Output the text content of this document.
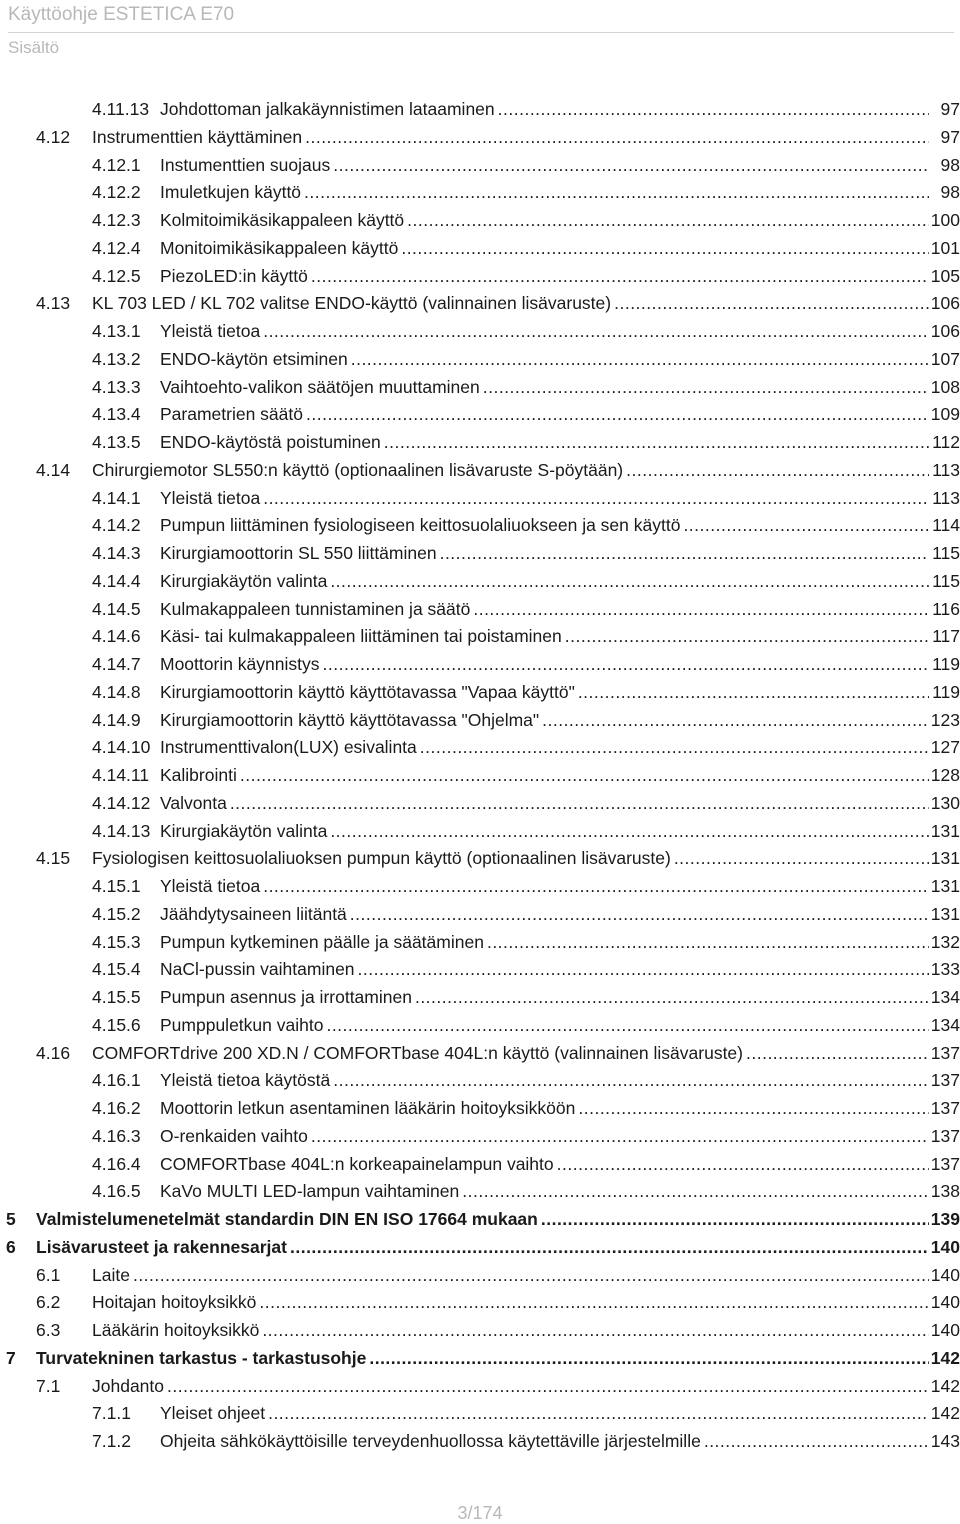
Käyttöohje ESTETICA E70
Sisältö
4.11.13 Johdottoman jalkakäynnistimen lataaminen .....	97
4.12 Instrumenttien käyttäminen .....	97
4.12.1 Instumenttien suojaus .....	98
4.12.2 Imuletkujen käyttö .....	98
4.12.3 Kolmitoimikäsikappaleen käyttö .....	100
4.12.4 Monitoimikäsikappaleen käyttö .....	101
4.12.5 PiezoLED:in käyttö .....	105
4.13 KL 703 LED / KL 702 valitse ENDO-käyttö (valinnainen lisävaruste) .....	106
4.13.1 Yleistä tietoa .....	106
4.13.2 ENDO-käytön etsiminen .....	107
4.13.3 Vaihtoehto-valikon säätöjen muuttaminen .....	108
4.13.4 Parametrien säätö .....	109
4.13.5 ENDO-käytöstä poistuminen .....	112
4.14 Chirurgiemotor SL550:n käyttö (optionaalinen lisävaruste S-pöytään) .....	113
4.14.1 Yleistä tietoa .....	113
4.14.2 Pumpun liittäminen fysiologiseen keittosuolaliuokseen ja sen käyttö .....	114
4.14.3 Kirurgiamoottorin SL 550 liittäminen .....	115
4.14.4 Kirurgiakäytön valinta .....	115
4.14.5 Kulmakappaleen tunnistaminen ja säätö .....	116
4.14.6 Käsi- tai kulmakappaleen liittäminen tai poistaminen .....	117
4.14.7 Moottorin käynnistys .....	119
4.14.8 Kirurgiamoottorin käyttö käyttötavassa "Vapaa käyttö" .....	119
4.14.9 Kirurgiamoottorin käyttö käyttötavassa "Ohjelma" .....	123
4.14.10 Instrumenttivalon(LUX) esivalinta .....	127
4.14.11 Kalibrointi .....	128
4.14.12 Valvonta .....	130
4.14.13 Kirurgiakäytön valinta .....	131
4.15 Fysiologisen keittosuolaliuoksen pumpun käyttö (optionaalinen lisävaruste) .....	131
4.15.1 Yleistä tietoa .....	131
4.15.2 Jäähdytysaineen liitäntä .....	131
4.15.3 Pumpun kytkeminen päälle ja säätäminen .....	132
4.15.4 NaCl-pussin vaihtaminen .....	133
4.15.5 Pumpun asennus ja irrottaminen .....	134
4.15.6 Pumppuletkun vaihto .....	134
4.16 COMFORTdrive 200 XD.N / COMFORTbase 404L:n käyttö (valinnainen lisävaruste) .....	137
4.16.1 Yleistä tietoa käytöstä .....	137
4.16.2 Moottorin letkun asentaminen lääkärin hoitoyksikköön .....	137
4.16.3 O-renkaiden vaihto .....	137
4.16.4 COMFORTbase 404L:n korkeapainelampun vaihto .....	137
4.16.5 KaVo MULTI LED-lampun vaihtaminen .....	138
5 Valmistelumenetelmät standardin DIN EN ISO 17664 mukaan .....	139
6 Lisävarusteet ja rakennesarjat .....	140
6.1 Laite .....	140
6.2 Hoitajan hoitoyksikkö .....	140
6.3 Lääkärin hoitoyksikkö .....	140
7 Turvatekninen tarkastus - tarkastusohje .....	142
7.1 Johdanto .....	142
7.1.1 Yleiset ohjeet .....	142
7.1.2 Ohjeita sähkökäyttöisille terveydenhuollossa käytettäville järjestelmille .....	143
3/174
